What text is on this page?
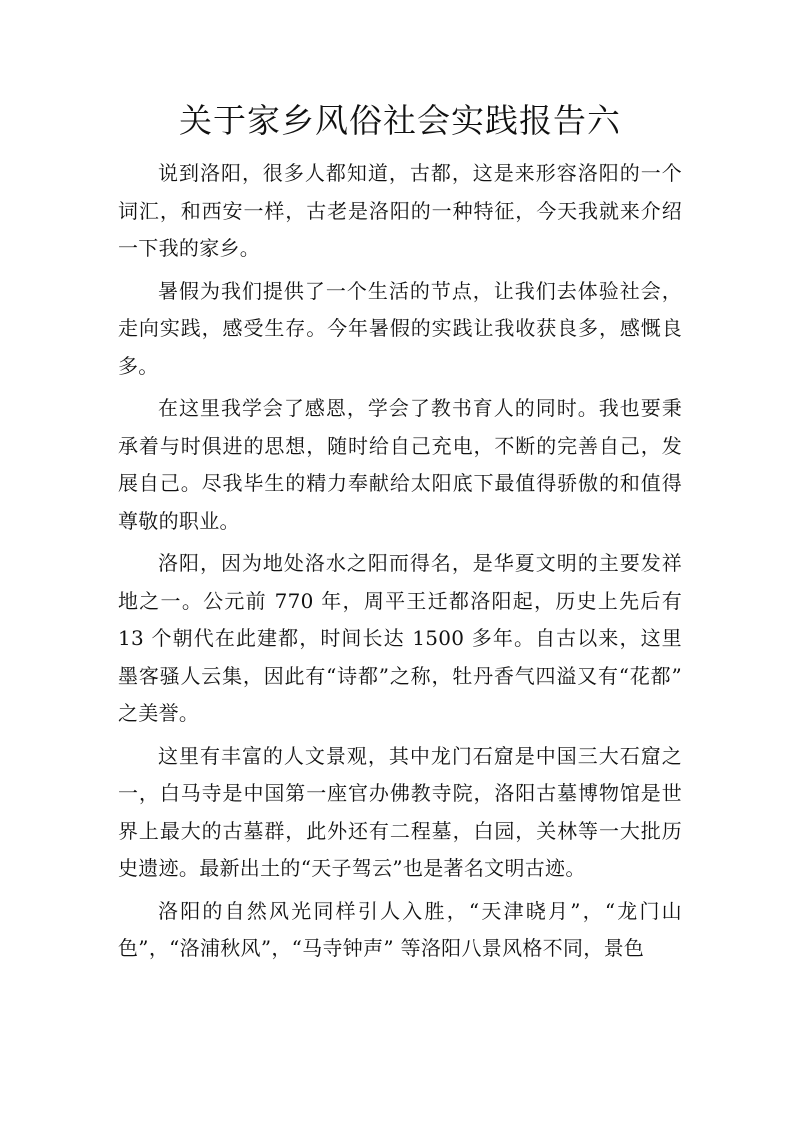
关于家乡风俗社会实践报告六

说到洛阳，很多人都知道，古都，这是来形容洛阳的一个词汇，和西安一样，古老是洛阳的一种特征，今天我就来介绍一下我的家乡。

暑假为我们提供了一个生活的节点，让我们去体验社会，走向实践，感受生存。今年暑假的实践让我收获良多，感慨良多。

在这里我学会了感恩，学会了教书育人的同时。我也要秉承着与时俱进的思想，随时给自己充电，不断的完善自己，发展自己。尽我毕生的精力奉献给太阳底下最值得骄傲的和值得尊敬的职业。

洛阳，因为地处洛水之阳而得名，是华夏文明的主要发祥地之一。公元前 770 年，周平王迁都洛阳起，历史上先后有 13 个朝代在此建都，时间长达 1500 多年。自古以来，这里墨客骚人云集，因此有“诗都”之称，牡丹香气四溢又有“花都” 之美誉。

这里有丰富的人文景观，其中龙门石窟是中国三大石窟之一，白马寺是中国第一座官办佛教寺院，洛阳古墓博物馆是世界上最大的古墓群，此外还有二程墓，白园，关林等一大批历史遗迹。最新出土的“天子驾云”也是著名文明古迹。

洛阳的自然风光同样引人入胜，“天津晓月”，“龙门山色”，“洛浦秋风”，“马寺钟声” 等洛阳八景风格不同，景色
